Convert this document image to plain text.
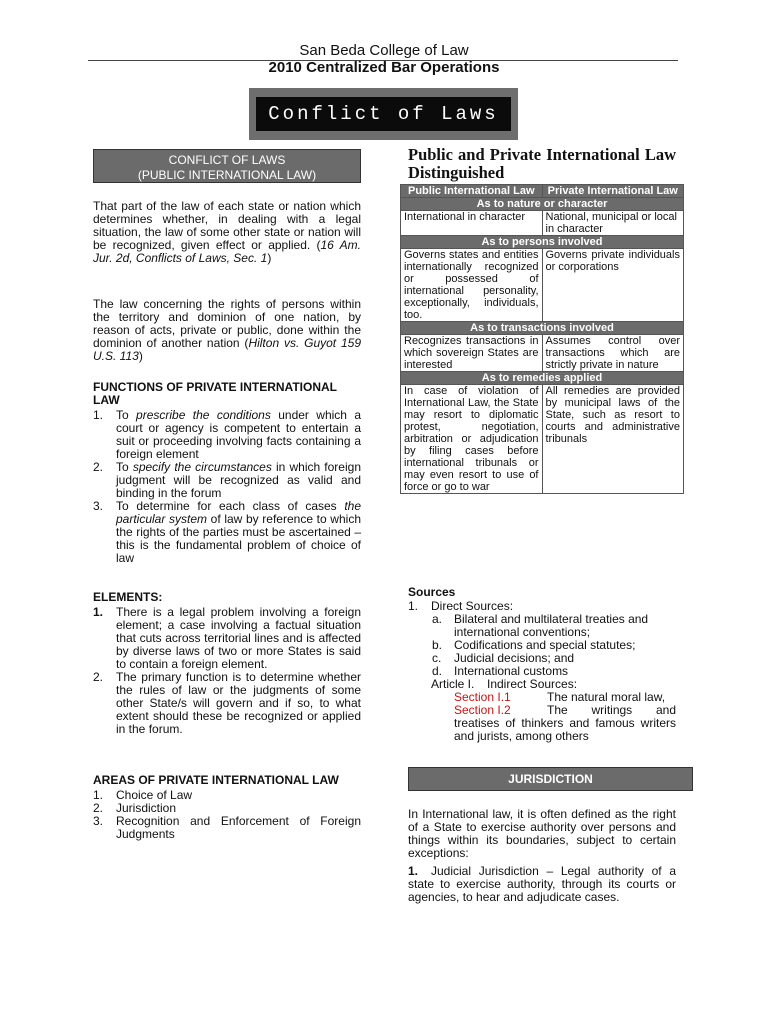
San Beda College of Law
2010 Centralized Bar Operations
Conflict of Laws
CONFLICT OF LAWS
(PUBLIC INTERNATIONAL LAW)
That part of the law of each state or nation which determines whether, in dealing with a legal situation, the law of some other state or nation will be recognized, given effect or applied. (16 Am. Jur. 2d, Conflicts of Laws, Sec. 1)
The law concerning the rights of persons within the territory and dominion of one nation, by reason of acts, private or public, done within the dominion of another nation (Hilton vs. Guyot 159 U.S. 113)
FUNCTIONS OF PRIVATE INTERNATIONAL LAW
1. To prescribe the conditions under which a court or agency is competent to entertain a suit or proceeding involving facts containing a foreign element
2. To specify the circumstances in which foreign judgment will be recognized as valid and binding in the forum
3. To determine for each class of cases the particular system of law by reference to which the rights of the parties must be ascertained – this is the fundamental problem of choice of law
ELEMENTS:
1. There is a legal problem involving a foreign element; a case involving a factual situation that cuts across territorial lines and is affected by diverse laws of two or more States is said to contain a foreign element.
2. The primary function is to determine whether the rules of law or the judgments of some other State/s will govern and if so, to what extent should these be recognized or applied in the forum.
AREAS OF PRIVATE INTERNATIONAL LAW
1. Choice of Law
2. Jurisdiction
3. Recognition and Enforcement of Foreign Judgments
Public and Private International Law Distinguished
Public International Law	Private International Law
As to nature or character	
International in character	National, municipal or local in character
As to persons involved	
Governs states and entities internationally recognized or possessed of international personality, exceptionally, individuals, too.	Governs private individuals or corporations
As to transactions involved	
Recognizes transactions in which sovereign States are interested	Assumes control over transactions which are strictly private in nature
As to remedies applied	
In case of violation of International Law, the State may resort to diplomatic protest, negotiation, arbitration or adjudication by filing cases before international tribunals or may even resort to use of force or go to war	All remedies are provided by municipal laws of the State, such as resort to courts and administrative tribunals
Sources
1. Direct Sources:
a. Bilateral and multilateral treaties and international conventions;
b. Codifications and special statutes;
c. Judicial decisions; and
d. International customs
Article I. Indirect Sources:
Section I.1	The natural moral law,
Section I.2	The writings and treatises of thinkers and famous writers and jurists, among others
JURISDICTION
In International law, it is often defined as the right of a State to exercise authority over persons and things within its boundaries, subject to certain exceptions:
1. Judicial Jurisdiction – Legal authority of a state to exercise authority, through its courts or agencies, to hear and adjudicate cases.
